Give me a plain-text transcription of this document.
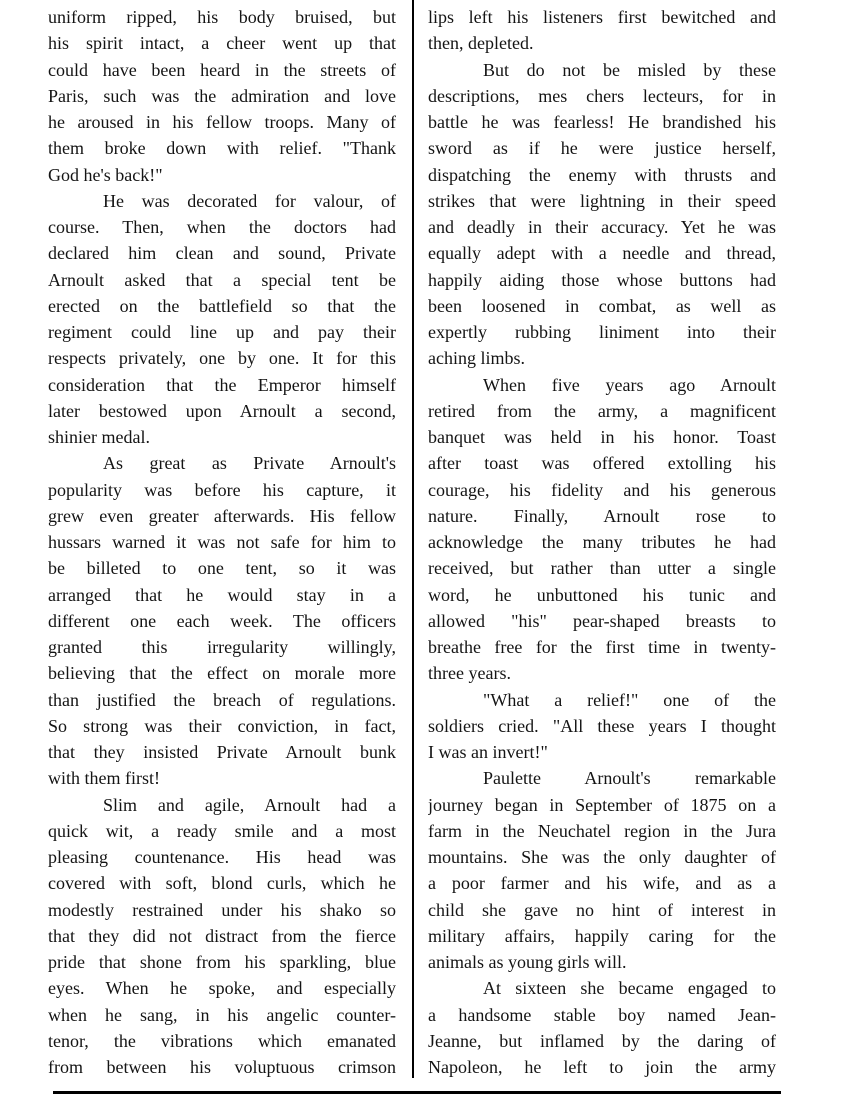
uniform ripped, his body bruised, but
his spirit intact, a cheer went up that
could have been heard in the streets of
Paris, such was the admiration and love
he aroused in his fellow troops. Many of
them broke down with relief. "Thank
God he's back!"
He was decorated for valour, of
course. Then, when the doctors had
declared him clean and sound, Private
Arnoult asked that a special tent be
erected on the battlefield so that the
regiment could line up and pay their
respects privately, one by one. It for this
consideration that the Emperor himself
later bestowed upon Arnoult a second,
shinier medal.
As great as Private Arnoult's
popularity was before his capture, it
grew even greater afterwards. His fellow
hussars warned it was not safe for him to
be billeted to one tent, so it was
arranged that he would stay in a
different one each week. The officers
granted this irregularity willingly,
believing that the effect on morale more
than justified the breach of regulations.
So strong was their conviction, in fact,
that they insisted Private Arnoult bunk
with them first!
Slim and agile, Arnoult had a
quick wit, a ready smile and a most
pleasing countenance. His head was
covered with soft, blond curls, which he
modestly restrained under his shako so
that they did not distract from the fierce
pride that shone from his sparkling, blue
eyes. When he spoke, and especially
when he sang, in his angelic counter-
tenor, the vibrations which emanated
from between his voluptuous crimson
lips left his listeners first bewitched and
then, depleted.
But do not be misled by these
descriptions, mes chers lecteurs, for in
battle he was fearless! He brandished his
sword as if he were justice herself,
dispatching the enemy with thrusts and
strikes that were lightning in their speed
and deadly in their accuracy. Yet he was
equally adept with a needle and thread,
happily aiding those whose buttons had
been loosened in combat, as well as
expertly rubbing liniment into their
aching limbs.
When five years ago Arnoult
retired from the army, a magnificent
banquet was held in his honor. Toast
after toast was offered extolling his
courage, his fidelity and his generous
nature. Finally, Arnoult rose to
acknowledge the many tributes he had
received, but rather than utter a single
word, he unbuttoned his tunic and
allowed "his" pear-shaped breasts to
breathe free for the first time in twenty-
three years.
"What a relief!" one of the
soldiers cried. "All these years I thought
I was an invert!"
Paulette Arnoult's remarkable
journey began in September of 1875 on a
farm in the Neuchatel region in the Jura
mountains. She was the only daughter of
a poor farmer and his wife, and as a
child she gave no hint of interest in
military affairs, happily caring for the
animals as young girls will.
At sixteen she became engaged to
a handsome stable boy named Jean-
Jeanne, but inflamed by the daring of
Napoleon, he left to join the army
